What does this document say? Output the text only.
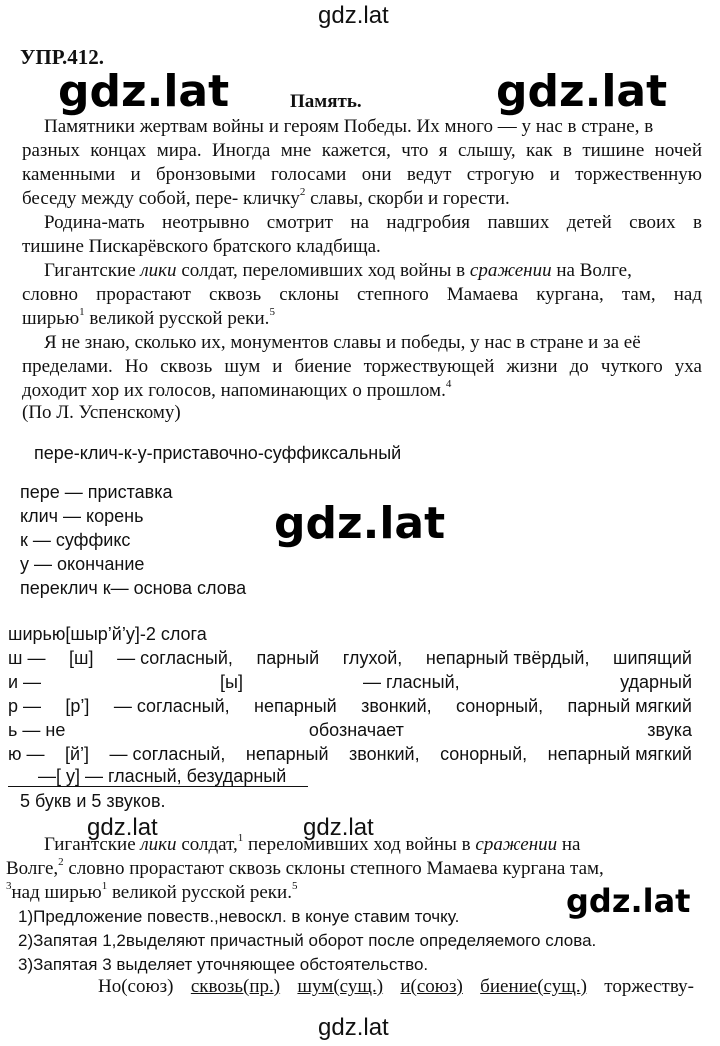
gdz.lat
gdz.lat	gdz.lat
gdz.lat
gdz.lat	gdz.lat
gdz.lat
gdz.lat
УПР.412.
Память.
Памятники жертвам войны и героям Победы. Их много — у нас в стране, в
разных концах мира. Иногда мне кажется, что я слышу, как в тишине ночей
каменными и бронзовыми голосами они ведут строгую и торжественную
беседу между собой, пере- кличку$^2$ славы, скорби и горести.
Родина-мать неотрывно смотрит на надгробия павших детей своих в
тишине Пискарёвского братского кладбища.
Гигантские лики солдат, переломивших ход войны в сражении на Волге,
словно прорастают сквозь склоны степного Мамаева кургана, там, над
ширью$^1$ великой русской реки.$^5$
Я не знаю, сколько их, монументов славы и победы, у нас в стране и за её
пределами. Но сквозь шум и биение торжествующей жизни до чуткого уха
доходит хор их голосов, напоминающих о прошлом.$^4$
(По Л. Успенскому)
пере-клич-к-у-приставочно-суффиксальный
пере — приставка
клич — корень
к — суффикс
у — окончание
переклич к— основа слова
ширью[шыр’й’у]-2 слога
ш — [ш] — согласный, парный глухой, непарный твёрдый, шипящий
и —	[ы]	— гласный,	ударный
р — [р’] — согласный, непарный звонкий, сонорный, парный мягкий
ь — не	обозначает	звука
ю — [й’] — согласный, непарный звонкий, сонорный, непарный мягкий
—[ у] — гласный, безударный
5 букв и 5 звуков.
Гигантские лики солдат,$^1$ переломивших ход войны в сражении на
Волге,$^2$ словно прорастают сквозь склоны степного Мамаева кургана там,
$^3$над ширью$^1$ великой русской реки.$^5$
1)Предложение повеств.,невоскл. в конуе ставим точку.
2)Запятая 1,2выделяют причастный оборот после определяемого слова.
3)Запятая 3 выделяет уточняющее обстоятельство.
Но(союз) сквозь(пр.) шум(сущ.) и(союз) биение(сущ.) торжеству-
